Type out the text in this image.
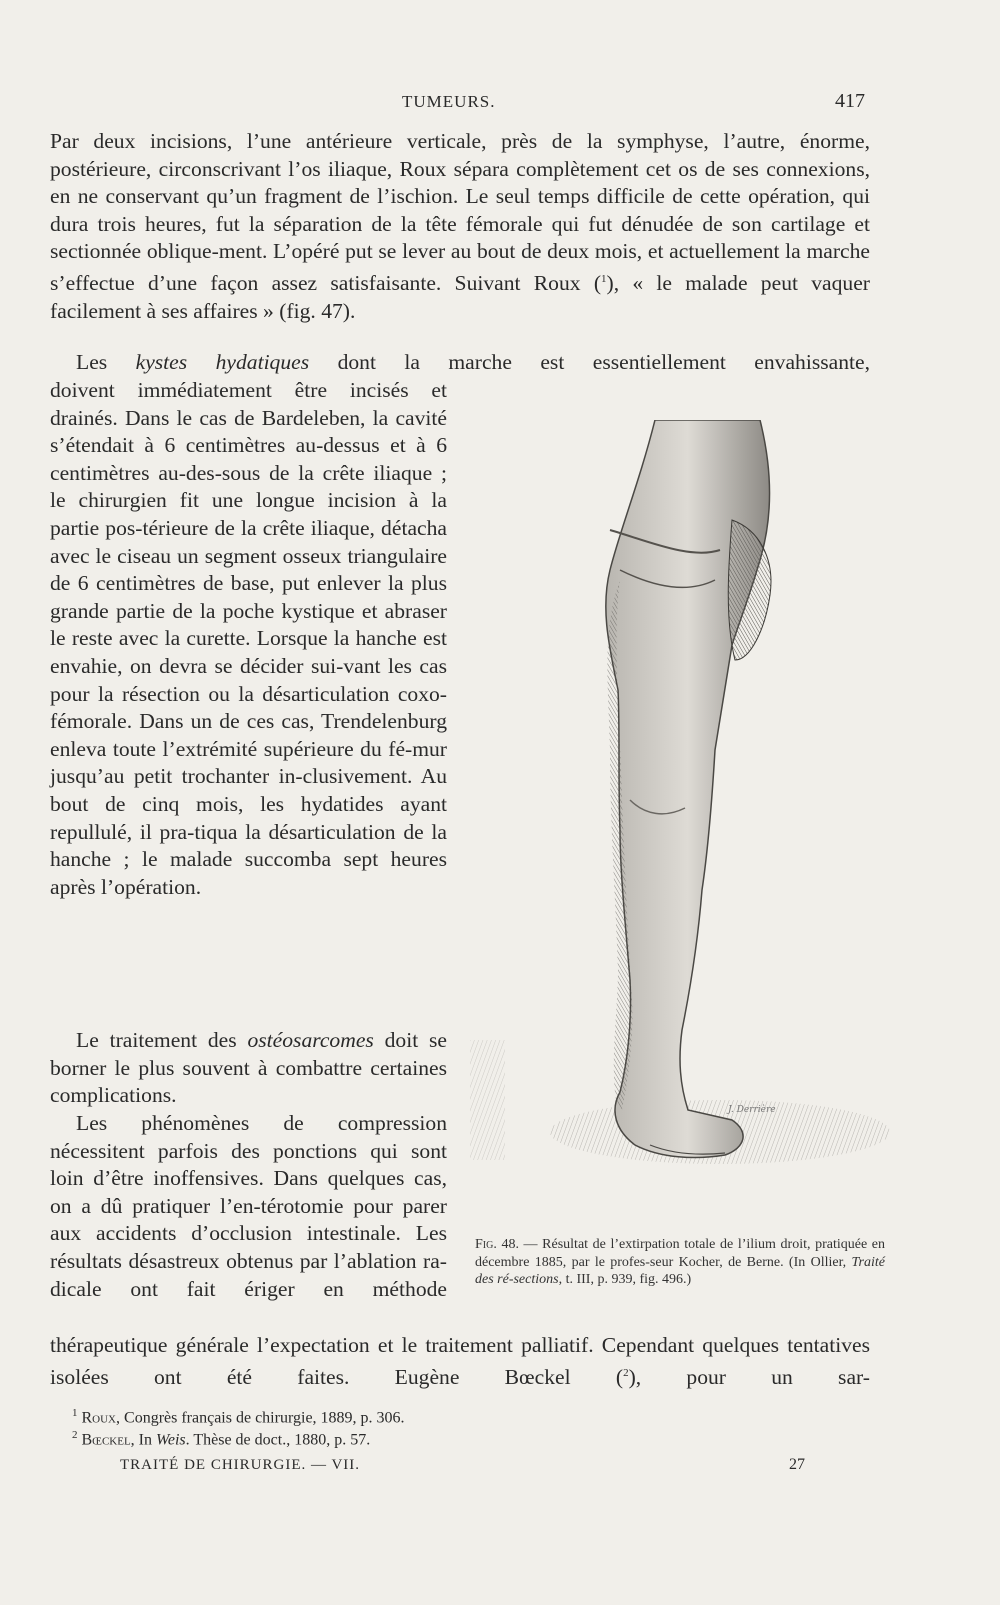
TUMEURS.	417
Par deux incisions, l’une antérieure verticale, près de la symphyse, l’autre, énorme, postérieure, circonscrivant l’os iliaque, Roux sépara complètement cet os de ses connexions, en ne conservant qu’un fragment de l’ischion. Le seul temps difficile de cette opération, qui dura trois heures, fut la séparation de la tête fémorale qui fut dénudée de son cartilage et sectionnée oblique-ment. L’opéré put se lever au bout de deux mois, et actuellement la marche s’effectue d’une façon assez satisfaisante. Suivant Roux ($^1$), « le malade peut vaquer facilement à ses affaires » (fig. 47).
Les kystes hydatiques dont la marche est essentiellement envahissante,
doivent immédiatement être incisés et drainés. Dans le cas de Bardeleben, la cavité s’étendait à 6 centimètres au-dessus et à 6 centimètres au-des-sous de la crête iliaque ; le chirurgien fit une longue incision à la partie pos-térieure de la crête iliaque, détacha avec le ciseau un segment osseux triangulaire de 6 centimètres de base, put enlever la plus grande partie de la poche kystique et abraser le reste avec la curette. Lorsque la hanche est envahie, on devra se décider sui-vant les cas pour la résection ou la désarticulation coxo-fémorale. Dans un de ces cas, Trendelenburg enleva toute l’extrémité supérieure du fé-mur jusqu’au petit trochanter in-clusivement. Au bout de cinq mois, les hydatides ayant repullulé, il pra-tiqua la désarticulation de la hanche ; le malade succomba sept heures après l’opération.
Le traitement des ostéosarcomes doit se borner le plus souvent à combattre certaines complications.
Les phénomènes de compression nécessitent parfois des ponctions qui sont loin d’être inoffensives. Dans quelques cas, on a dû pratiquer l’en-térotomie pour parer aux accidents d’occlusion intestinale. Les résultats désastreux obtenus par l’ablation ra-dicale ont fait ériger en méthode
thérapeutique générale l’expectation et le traitement palliatif. Cependant quelques tentatives isolées ont été faites. Eugène Bœckel ($^2$), pour un sar-
J. Derrière
Fig. 48. — Résultat de l’extirpation totale de l’ilium droit, pratiquée en décembre 1885, par le profes-seur Kocher, de Berne. (In Ollier, Traité des ré-sections, t. III, p. 939, fig. 496.)
$^1$ Roux, Congrès français de chirurgie, 1889, p. 306.
$^2$ Bœckel, In Weis. Thèse de doct., 1880, p. 57.
TRAITÉ DE CHIRURGIE. — VII.	27
